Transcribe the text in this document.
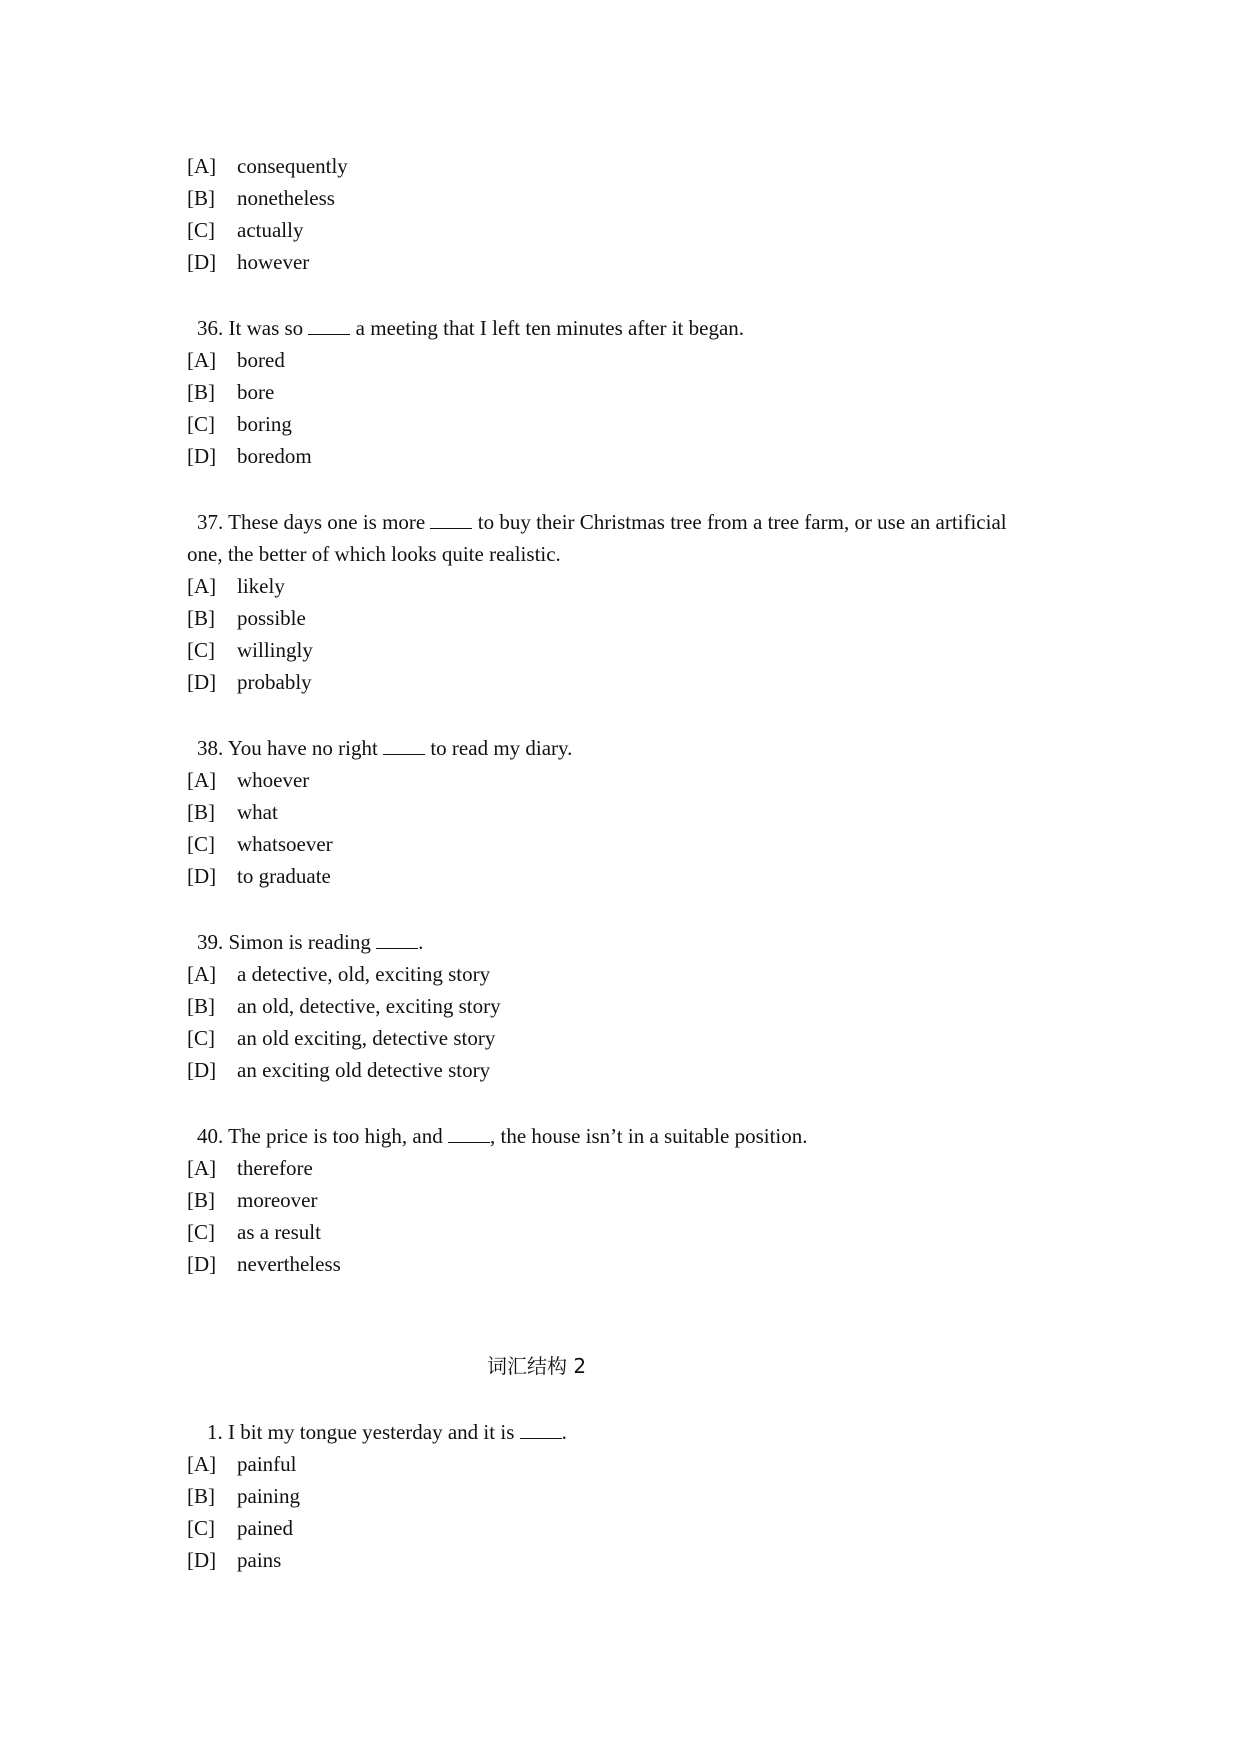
[A] consequently
[B] nonetheless
[C] actually
[D] however
36. It was so	a meeting that I left ten minutes after it began.
[A] bored
[B] bore
[C] boring
[D] boredom
37. These days one is more	to buy their Christmas tree from a tree farm, or use an artificial
one, the better of which looks quite realistic.
[A] likely
[B] possible
[C] willingly
[D] probably
38. You have no right	to read my diary.
[A] whoever
[B] what
[C] whatsoever
[D] to graduate
39. Simon is reading .
[A] a detective, old, exciting story
[B] an old, detective, exciting story
[C] an old exciting, detective story
[D] an exciting old detective story
40. The price is too high, and , the house isn’t in a suitable position.
[A] therefore
[B] moreover
[C] as a result
[D] nevertheless
词汇结构 2
1. I bit my tongue yesterday and it is .
[A] painful
[B] paining
[C] pained
[D] pains
